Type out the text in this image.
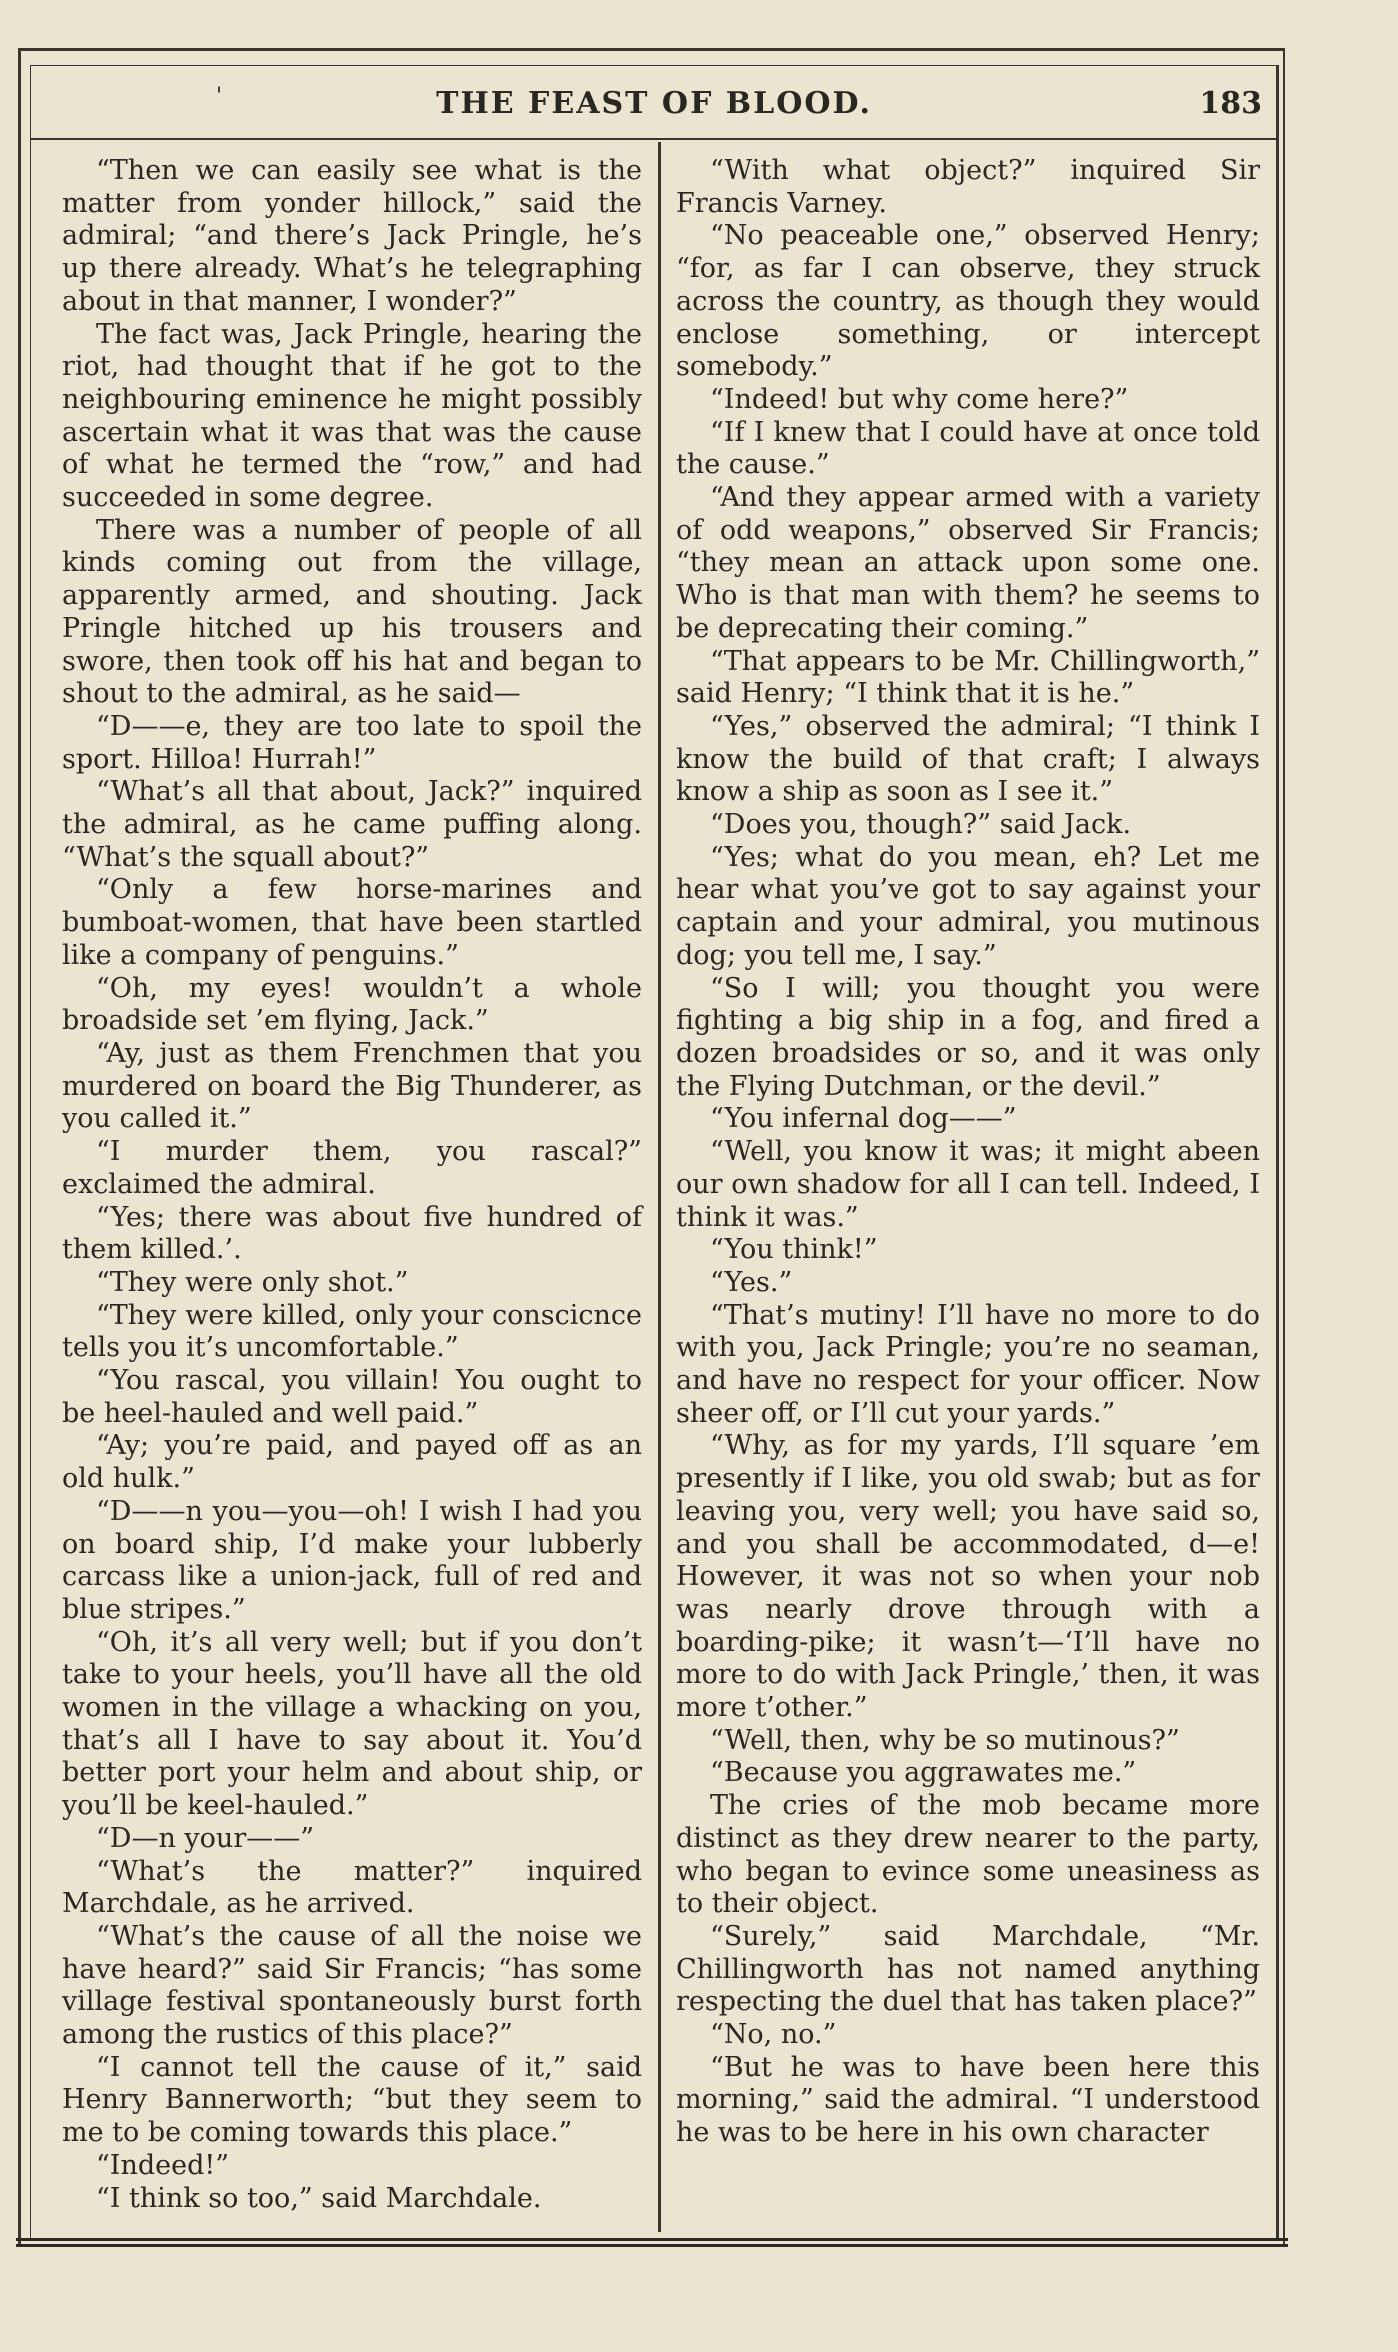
'	THE FEAST OF BLOOD.	183

“Then we can easily see what is the matter from yonder hillock,” said the admiral; “and there’s Jack Pringle, he’s up there already. What’s he telegraphing about in that manner, I wonder?”

The fact was, Jack Pringle, hearing the riot, had thought that if he got to the neighbouring eminence he might possibly ascertain what it was that was the cause of what he termed the “row,” and had succeeded in some degree.

There was a number of people of all kinds coming out from the village, apparently armed, and shouting. Jack Pringle hitched up his trousers and swore, then took off his hat and began to shout to the admiral, as he said—

“D——e, they are too late to spoil the sport. Hilloa! Hurrah!”

“What’s all that about, Jack?” inquired the admiral, as he came puffing along. “What’s the squall about?”

“Only a few horse-marines and bumboat-women, that have been startled like a company of penguins.”

“Oh, my eyes! wouldn’t a whole broadside set ’em flying, Jack.”

“Ay, just as them Frenchmen that you murdered on board the Big Thunderer, as you called it.”

“I murder them, you rascal?” exclaimed the admiral.

“Yes; there was about five hundred of them killed.’.

“They were only shot.”

“They were killed, only your conscicnce tells you it’s uncomfortable.”

“You rascal, you villain! You ought to be heel-hauled and well paid.”

“Ay; you’re paid, and payed off as an old hulk.”

“D——n you—you—oh! I wish I had you on board ship, I’d make your lubberly carcass like a union-jack, full of red and blue stripes.”

“Oh, it’s all very well; but if you don’t take to your heels, you’ll have all the old women in the village a whacking on you, that’s all I have to say about it. You’d better port your helm and about ship, or you’ll be keel-hauled.”

“D—n your——”

“What’s the matter?” inquired Marchdale, as he arrived.

“What’s the cause of all the noise we have heard?” said Sir Francis; “has some village festival spontaneously burst forth among the rustics of this place?”

“I cannot tell the cause of it,” said Henry Bannerworth; “but they seem to me to be coming towards this place.”

“Indeed!”

“I think so too,” said Marchdale.

“With what object?” inquired Sir Francis Varney.

“No peaceable one,” observed Henry; “for, as far I can observe, they struck across the country, as though they would enclose something, or intercept somebody.”

“Indeed! but why come here?”

“If I knew that I could have at once told the cause.”

“And they appear armed with a variety of odd weapons,” observed Sir Francis; “they mean an attack upon some one. Who is that man with them? he seems to be deprecating their coming.”

“That appears to be Mr. Chillingworth,” said Henry; “I think that it is he.”

“Yes,” observed the admiral; “I think I know the build of that craft; I always know a ship as soon as I see it.”

“Does you, though?” said Jack.

“Yes; what do you mean, eh? Let me hear what you’ve got to say against your captain and your admiral, you mutinous dog; you tell me, I say.”

“So I will; you thought you were fighting a big ship in a fog, and fired a dozen broadsides or so, and it was only the Flying Dutchman, or the devil.”

“You infernal dog——”

“Well, you know it was; it might abeen our own shadow for all I can tell. Indeed, I think it was.”

“You think!”

“Yes.”

“That’s mutiny! I’ll have no more to do with you, Jack Pringle; you’re no seaman, and have no respect for your officer. Now sheer off, or I’ll cut your yards.”

“Why, as for my yards, I’ll square ’em presently if I like, you old swab; but as for leaving you, very well; you have said so, and you shall be accommodated, d—e! However, it was not so when your nob was nearly drove through with a boarding-pike; it wasn’t—‘I’ll have no more to do with Jack Pringle,’ then, it was more t’other.”

“Well, then, why be so mutinous?”

“Because you aggrawates me.”

The cries of the mob became more distinct as they drew nearer to the party, who began to evince some uneasiness as to their object.

“Surely,” said Marchdale, “Mr. Chillingworth has not named anything respecting the duel that has taken place?”

“No, no.”

“But he was to have been here this morning,” said the admiral. “I understood he was to be here in his own character
